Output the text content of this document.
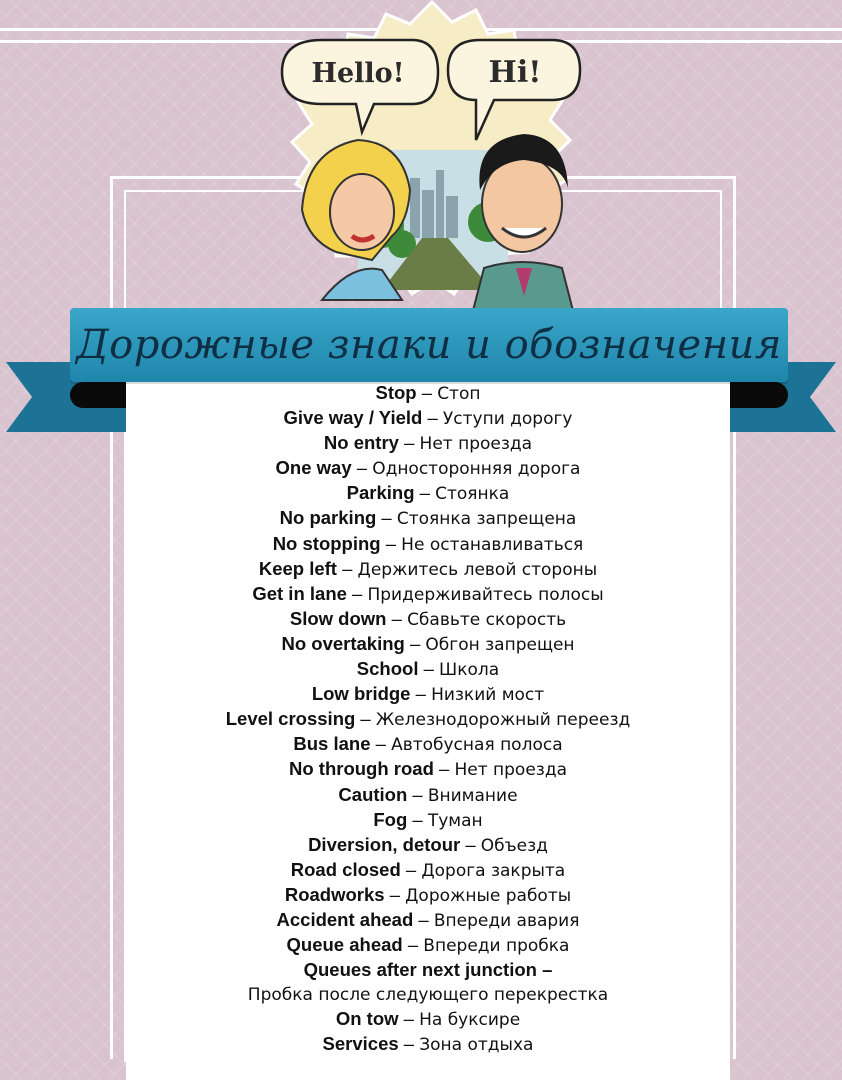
Hello!	Hi!
Дорожные знаки и обозначения
Stop – Стоп
Give way / Yield – Уступи дорогу
No entry – Нет проезда
One way – Односторонняя дорога
Parking – Стоянка
No parking – Стоянка запрещена
No stopping – Не останавливаться
Keep left – Держитесь левой стороны
Get in lane – Придерживайтесь полосы
Slow down – Сбавьте скорость
No overtaking – Обгон запрещен
School – Школа
Low bridge – Низкий мост
Level crossing – Железнодорожный переезд
Bus lane – Автобусная полоса
No through road – Нет проезда
Caution – Внимание
Fog – Туман
Diversion, detour – Объезд
Road closed – Дорога закрыта
Roadworks – Дорожные работы
Accident ahead – Впереди авария
Queue ahead – Впереди пробка
Queues after next junction –
Пробка после следующего перекрестка
On tow – На буксире
Services – Зона отдыха
